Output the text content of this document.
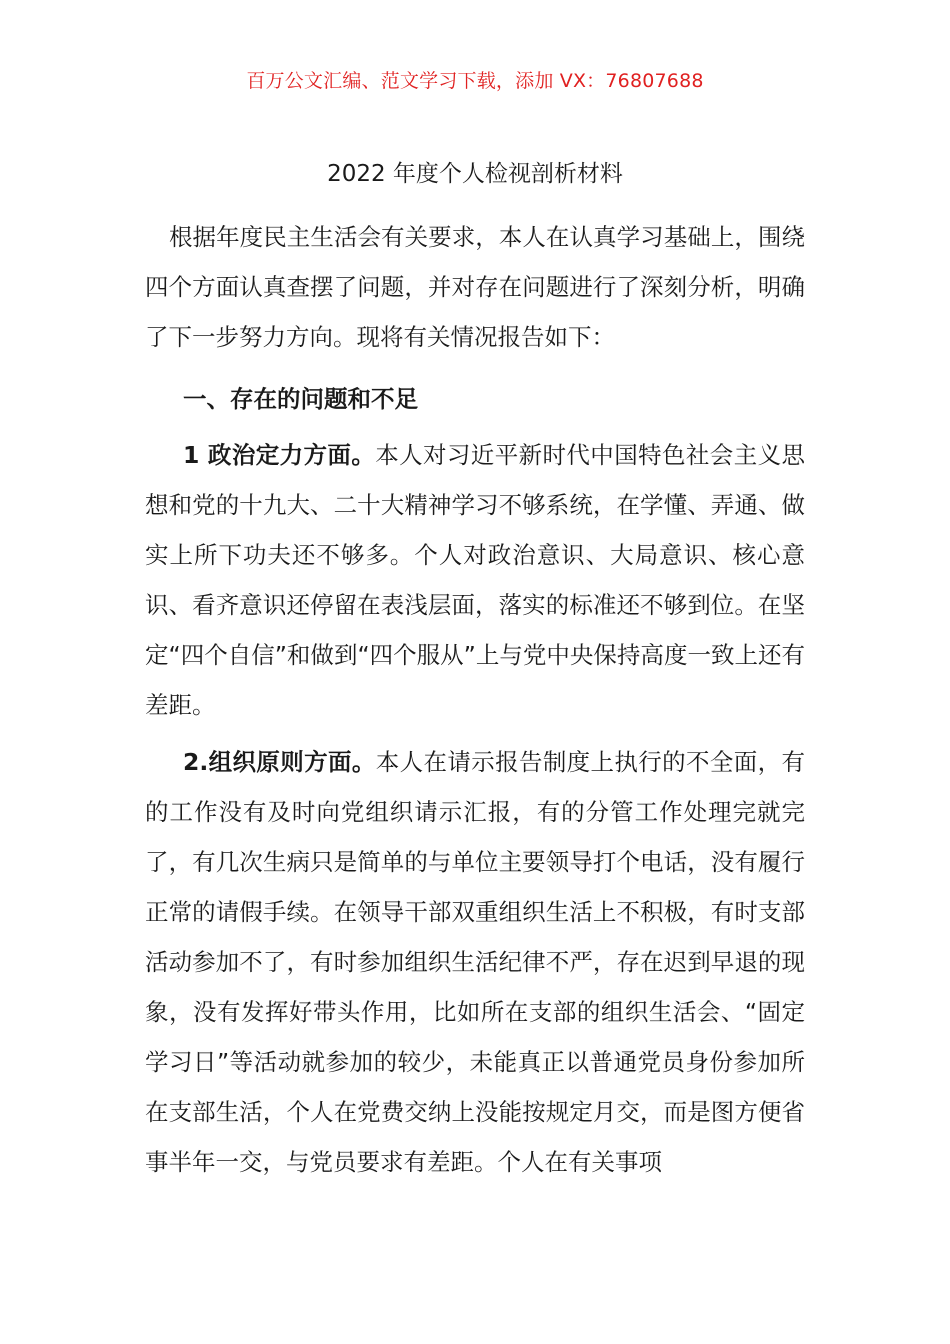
百万公文汇编、范文学习下载，添加 VX：76807688
2022 年度个人检视剖析材料

根据年度民主生活会有关要求，本人在认真学习基础上，围绕四个方面认真查摆了问题，并对存在问题进行了深刻分析，明确了下一步努力方向。现将有关情况报告如下：

一、存在的问题和不足

1 政治定力方面。本人对习近平新时代中国特色社会主义思想和党的十九大、二十大精神学习不够系统，在学懂、弄通、做实上所下功夫还不够多。个人对政治意识、大局意识、核心意识、看齐意识还停留在表浅层面，落实的标准还不够到位。在坚定“四个自信”和做到“四个服从”上与党中央保持高度一致上还有差距。

2.组织原则方面。本人在请示报告制度上执行的不全面，有的工作没有及时向党组织请示汇报，有的分管工作处理完就完了，有几次生病只是简单的与单位主要领导打个电话，没有履行正常的请假手续。在领导干部双重组织生活上不积极，有时支部活动参加不了，有时参加组织生活纪律不严，存在迟到早退的现象，没有发挥好带头作用，比如所在支部的组织生活会、“固定学习日”等活动就参加的较少，未能真正以普通党员身份参加所在支部生活，个人在党费交纳上没能按规定月交，而是图方便省事半年一交，与党员要求有差距。个人在有关事项
